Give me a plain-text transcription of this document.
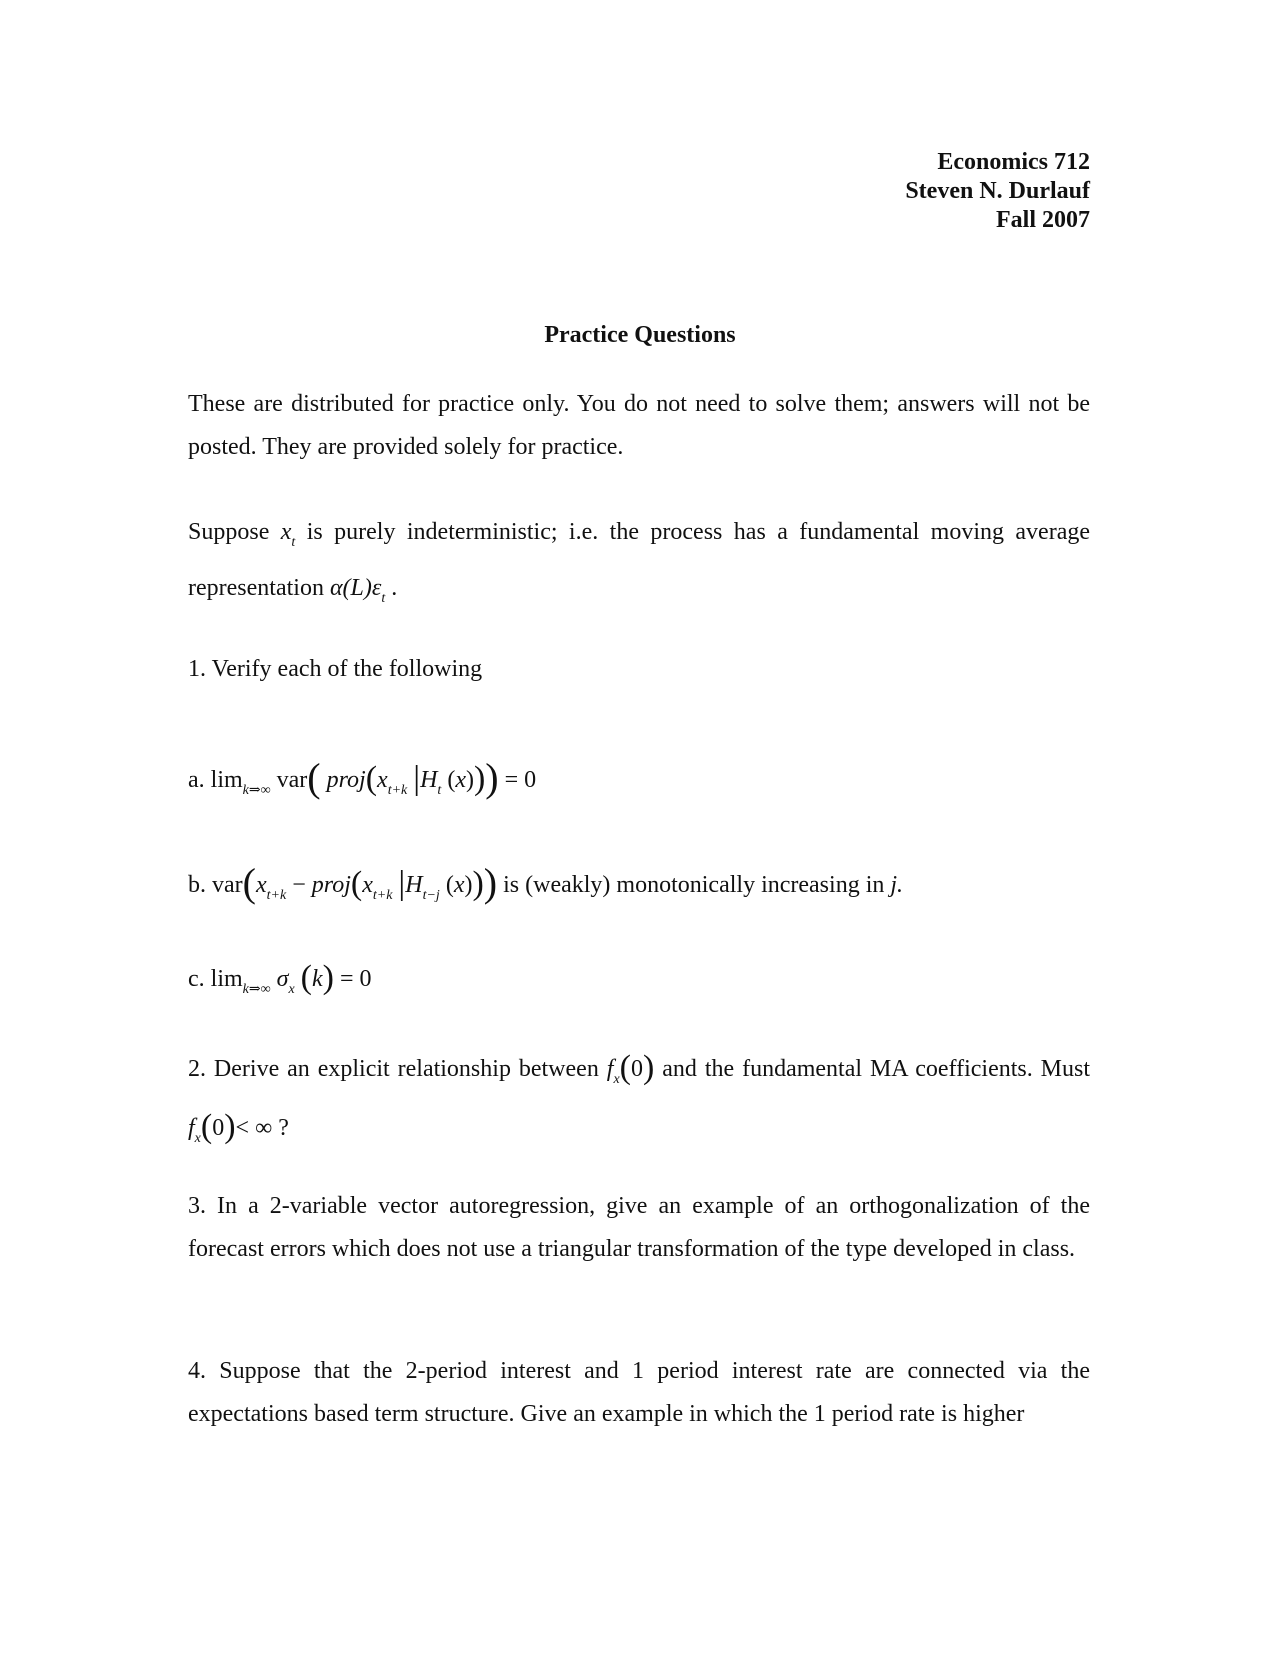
Economics 712
Steven N. Durlauf
Fall 2007
Practice Questions
These are distributed for practice only. You do not need to solve them; answers will not be posted. They are provided solely for practice.
Suppose $x_t$ is purely indeterministic; i.e. the process has a fundamental moving average representation $\alpha(L)\varepsilon_t$ .
1. Verify each of the following
a. $\lim_{k\Rightarrow\infty} var$( $proj(x_{t+k}$ $|H_t$ (x))) = 0
b. $var(x_{t+k}$ − $proj(x_{t+k}$ $|H_{t-j}$ (x))) is (weakly) monotonically increasing in j.
c. $\lim_{k\Rightarrow\infty} \sigma_x$ (k) = 0
2. Derive an explicit relationship between $f_x(0)$ and the fundamental MA coefficients. Must $f_x(0)<$ ∞ ?
3. In a 2-variable vector autoregression, give an example of an orthogonalization of the forecast errors which does not use a triangular transformation of the type developed in class.
4. Suppose that the 2-period interest and 1 period interest rate are connected via the expectations based term structure. Give an example in which the 1 period rate is higher
